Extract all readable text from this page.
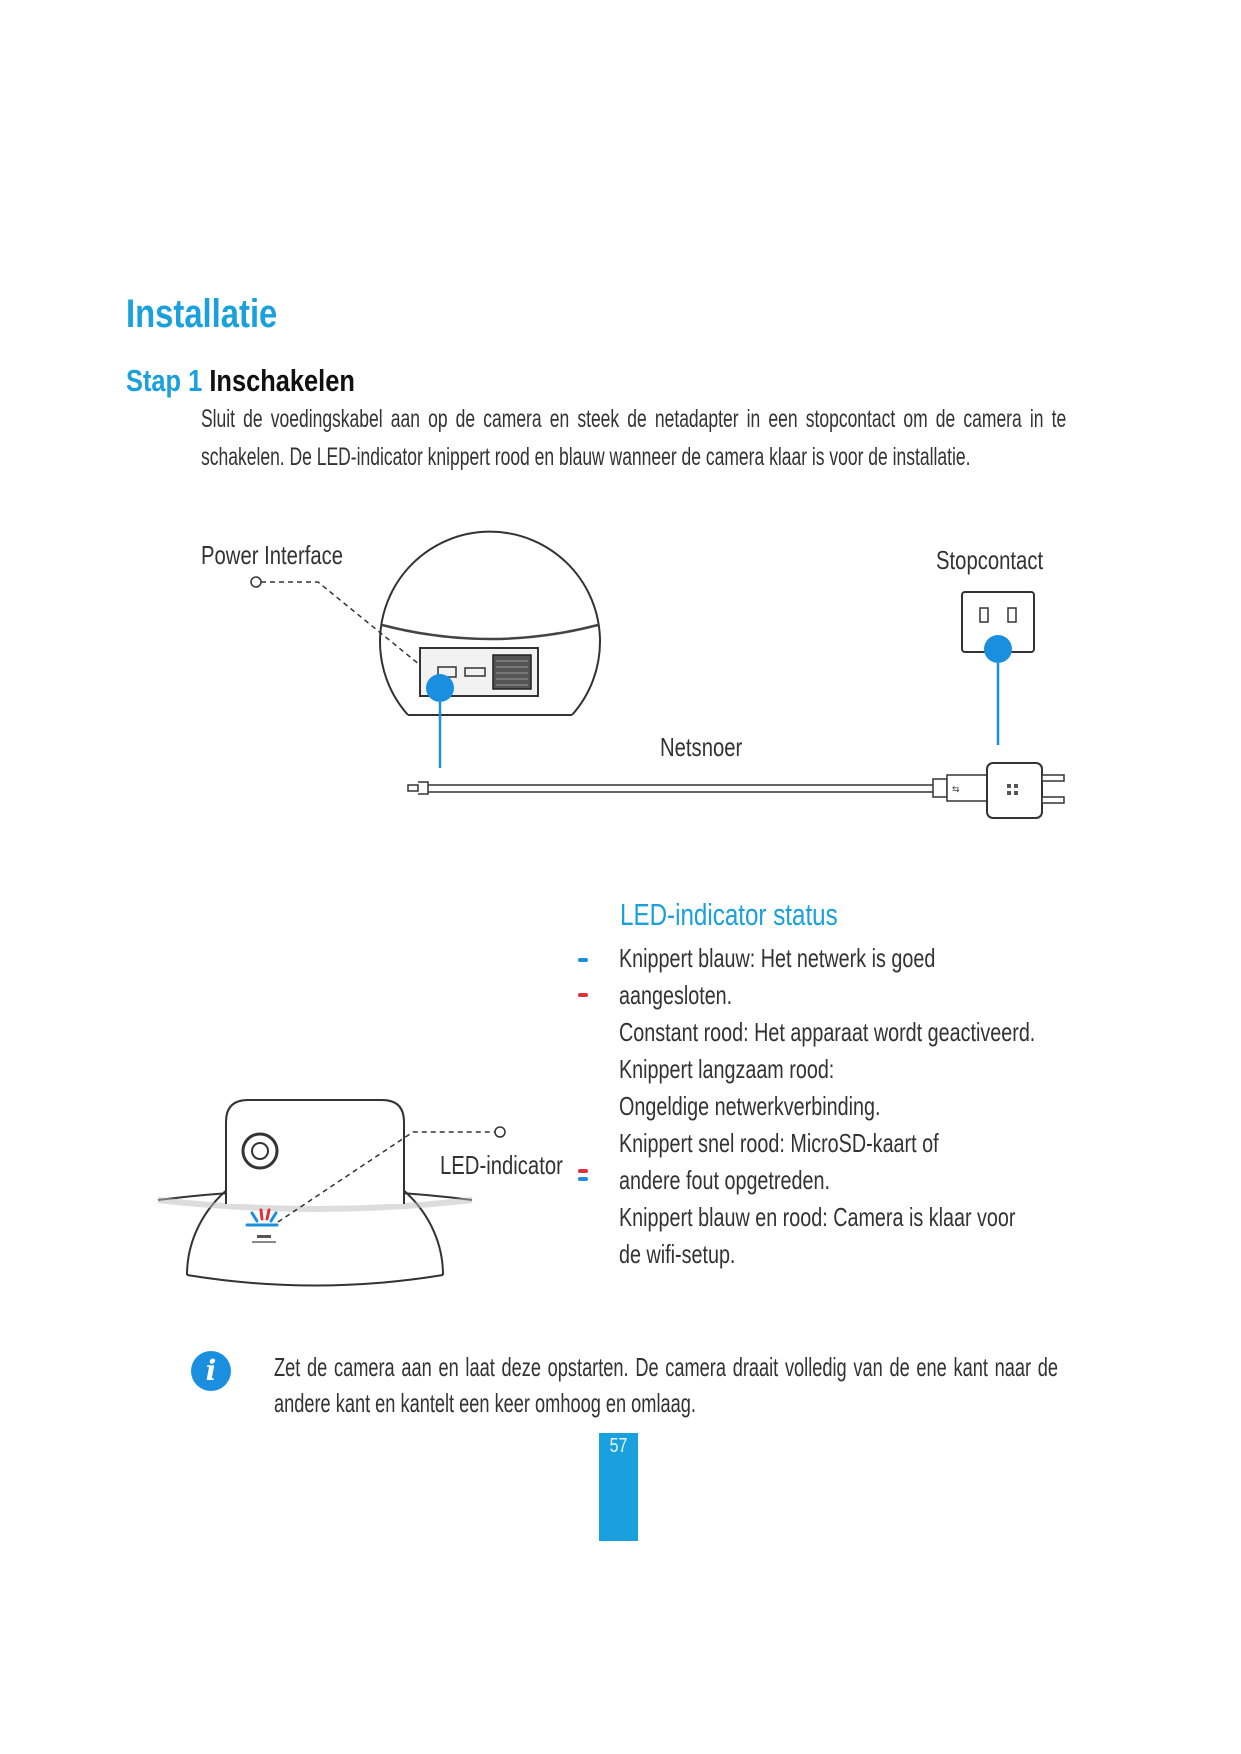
Installatie
Stap 1 Inschakelen
Sluit de voedingskabel aan op de camera en steek de netadapter in een stopcontact om de camera in te schakelen. De LED-indicator knippert rood en blauw wanneer de camera klaar is voor de installatie.
⇆
Power Interface	Stopcontact
Netsnoer
LED-indicator
LED-indicator status
Knippert blauw: Het netwerk is goed aangesloten.
Constant rood: Het apparaat wordt geactiveerd.
Knippert langzaam rood: Ongeldige netwerkverbinding.
Knippert snel rood: MicroSD-kaart of andere fout opgetreden.
Knippert blauw en rood: Camera is klaar voor de wifi-setup.
i	Zet de camera aan en laat deze opstarten. De camera draait volledig van de ene kant naar de andere kant en kantelt een keer omhoog en omlaag.
57
